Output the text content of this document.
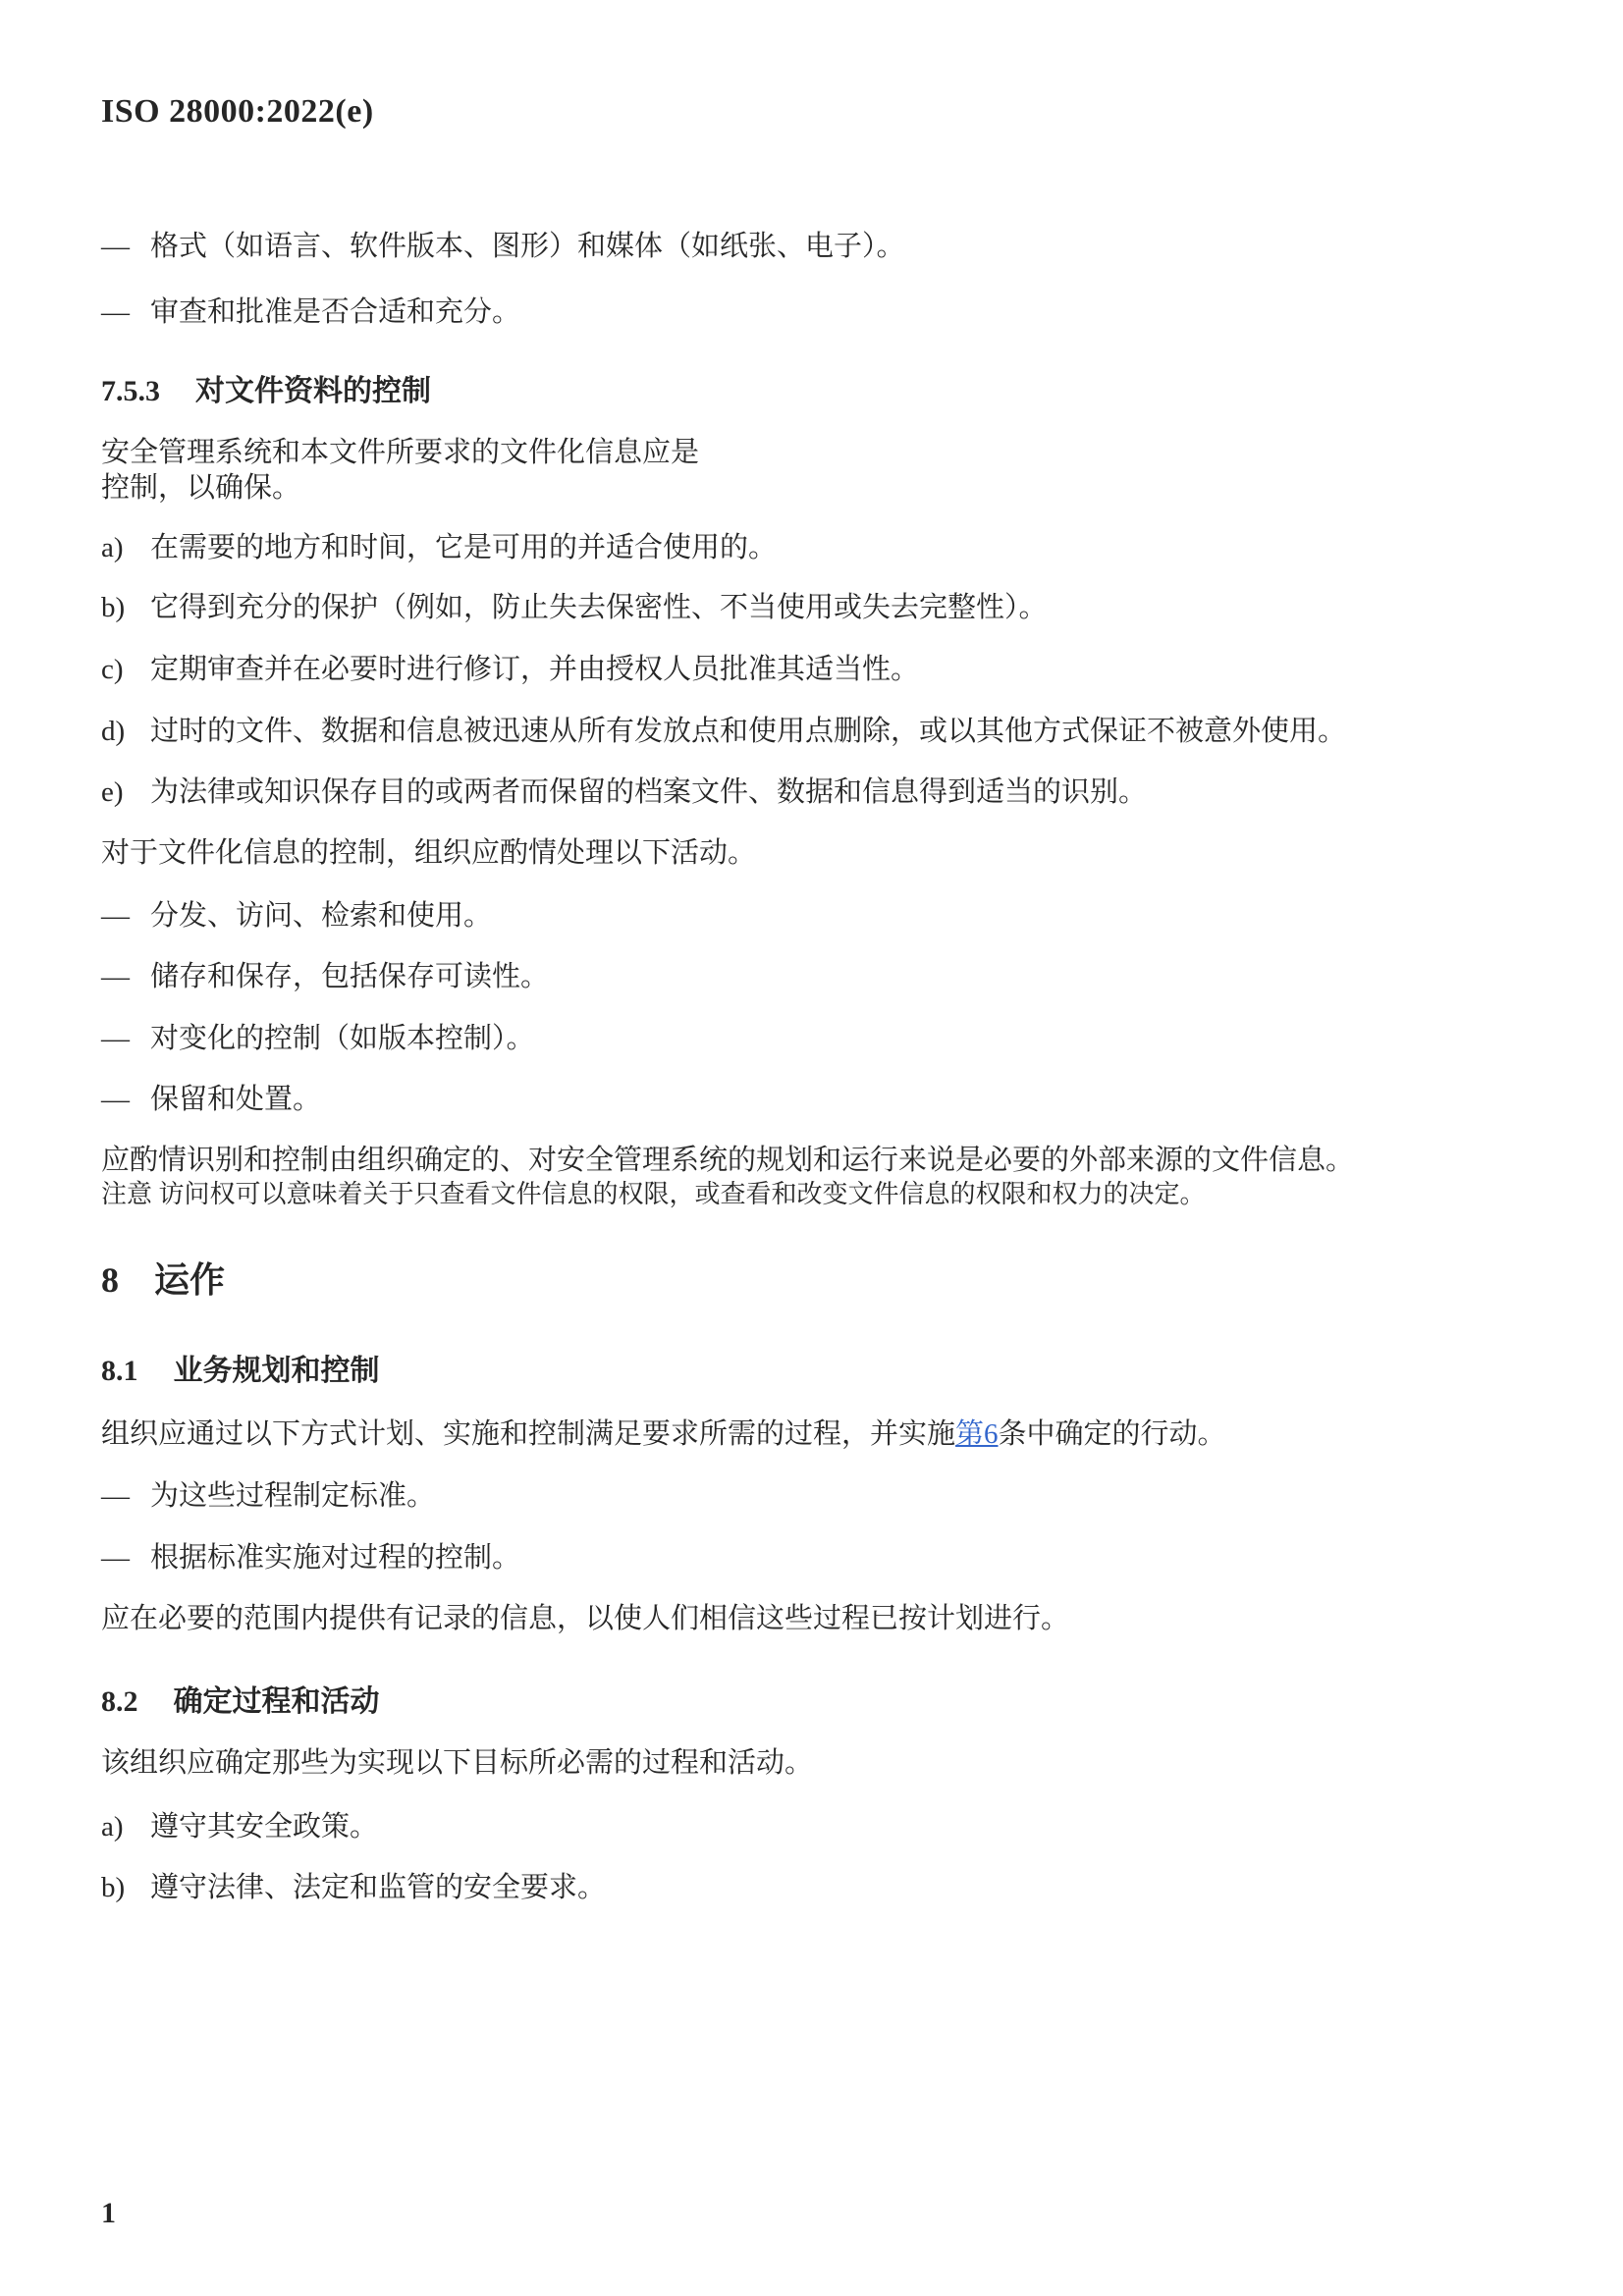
ISO 28000:2022(e)
— 格式（如语言、软件版本、图形）和媒体（如纸张、电子）。
— 审查和批准是否合适和充分。
7.5.3 对文件资料的控制

安全管理系统和本文件所要求的文件化信息应是
控制，以确保。

a) 在需要的地方和时间，它是可用的并适合使用的。
b) 它得到充分的保护（例如，防止失去保密性、不当使用或失去完整性）。
c) 定期审查并在必要时进行修订，并由授权人员批准其适当性。
d) 过时的文件、数据和信息被迅速从所有发放点和使用点删除，或以其他方式保证不被意外使用。
e) 为法律或知识保存目的或两者而保留的档案文件、数据和信息得到适当的识别。

对于文件化信息的控制，组织应酌情处理以下活动。

— 分发、访问、检索和使用。
— 储存和保存，包括保存可读性。
— 对变化的控制（如版本控制）。
— 保留和处置。

应酌情识别和控制由组织确定的、对安全管理系统的规划和运行来说是必要的外部来源的文件信息。

注意 访问权可以意味着关于只查看文件信息的权限，或查看和改变文件信息的权限和权力的决定。

8 运作
8.1 业务规划和控制

组织应通过以下方式计划、实施和控制满足要求所需的过程，并实施第6条中确定的行动。

— 为这些过程制定标准。
— 根据标准实施对过程的控制。

应在必要的范围内提供有记录的信息，以使人们相信这些过程已按计划进行。

8.2 确定过程和活动

该组织应确定那些为实现以下目标所必需的过程和活动。

a) 遵守其安全政策。
b) 遵守法律、法定和监管的安全要求。
1
